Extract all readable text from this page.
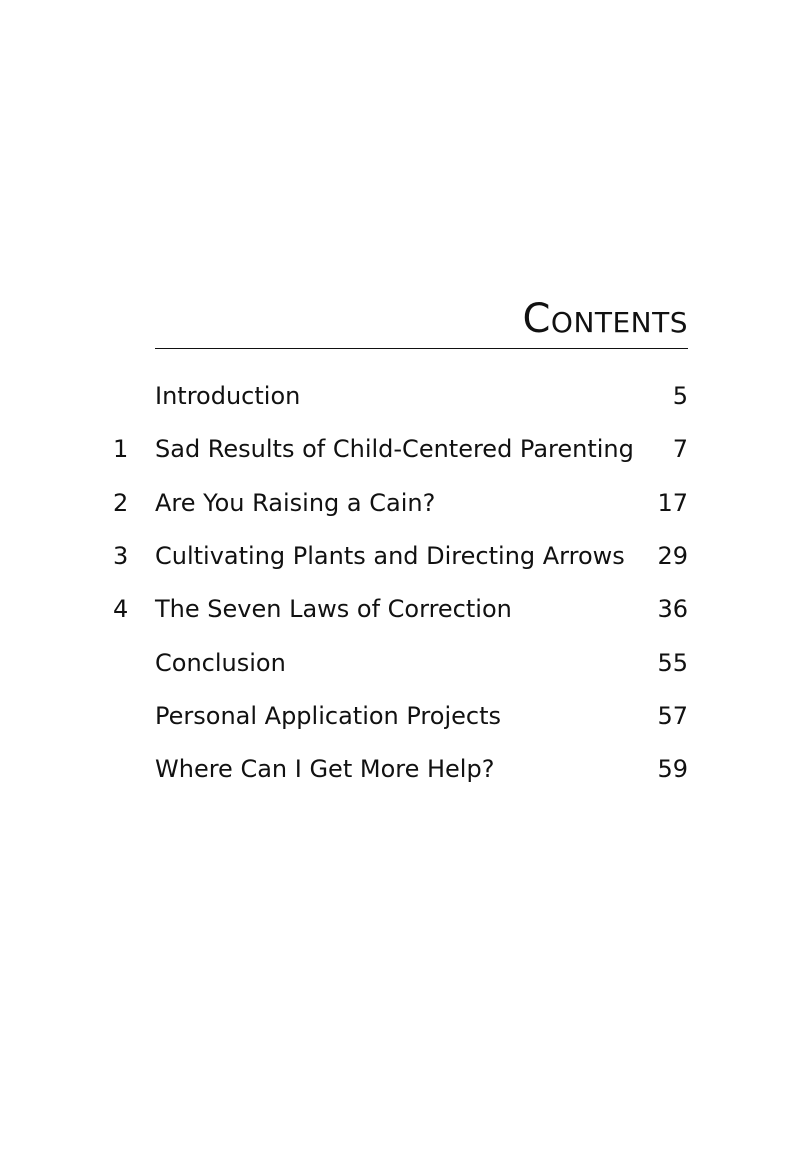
Contents
Introduction	5
1 Sad Results of Child-Centered Parenting 7
2 Are You Raising a Cain?	17
3 Cultivating Plants and Directing Arrows 29
4 The Seven Laws of Correction	36
Conclusion	55
Personal Application Projects	57
Where Can I Get More Help?	59
